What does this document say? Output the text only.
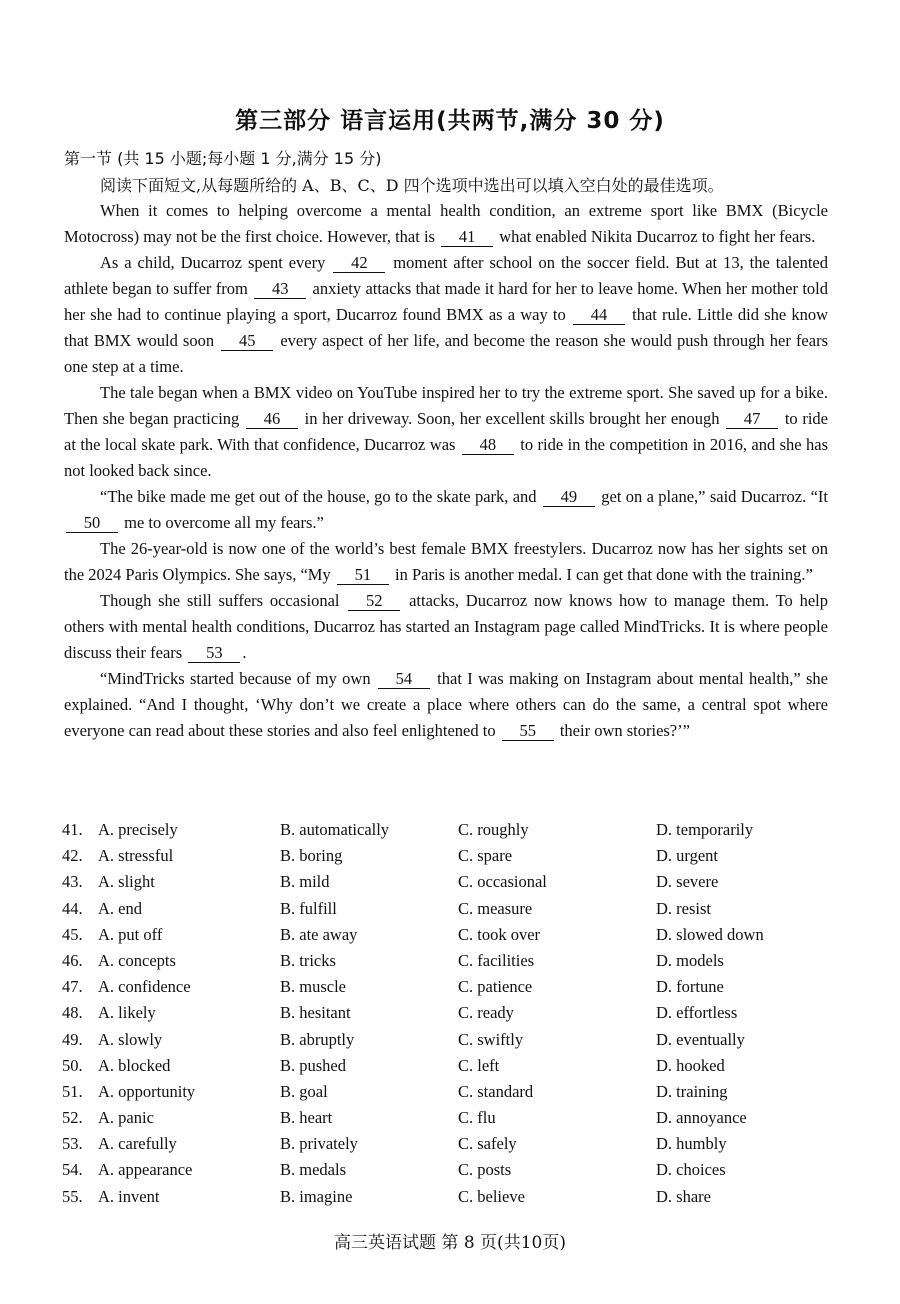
第三部分 语言运用(共两节,满分 30 分)
第一节 (共 15 小题;每小题 1 分,满分 15 分)
阅读下面短文,从每题所给的 A、B、C、D 四个选项中选出可以填入空白处的最佳选项。

When it comes to helping overcome a mental health condition, an extreme sport like BMX (Bicycle Motocross) may not be the first choice. However, that is 41 what enabled Nikita Ducarroz to fight her fears.

As a child, Ducarroz spent every 42 moment after school on the soccer field. But at 13, the talented athlete began to suffer from 43 anxiety attacks that made it hard for her to leave home. When her mother told her she had to continue playing a sport, Ducarroz found BMX as a way to 44 that rule. Little did she know that BMX would soon 45 every aspect of her life, and become the reason she would push through her fears one step at a time.

The tale began when a BMX video on YouTube inspired her to try the extreme sport. She saved up for a bike. Then she began practicing 46 in her driveway. Soon, her excellent skills brought her enough 47 to ride at the local skate park. With that confidence, Ducarroz was 48 to ride in the competition in 2016, and she has not looked back since.

“The bike made me get out of the house, go to the skate park, and 49 get on a plane,” said Ducarroz. “It 50 me to overcome all my fears.”

The 26-year-old is now one of the world’s best female BMX freestylers. Ducarroz now has her sights set on the 2024 Paris Olympics. She says, “My 51 in Paris is another medal. I can get that done with the training.”

Though she still suffers occasional 52 attacks, Ducarroz now knows how to manage them. To help others with mental health conditions, Ducarroz has started an Instagram page called MindTricks. It is where people discuss their fears 53 .

“MindTricks started because of my own 54 that I was making on Instagram about mental health,” she explained. “And I thought, ‘Why don’t we create a place where others can do the same, a central spot where everyone can read about these stories and also feel enlightened to 55 their own stories?’”

41. A. precisely	B. automatically	C. roughly	D. temporarily
42. A. stressful	B. boring	C. spare	D. urgent
43. A. slight	B. mild	C. occasional	D. severe
44. A. end	B. fulfill	C. measure	D. resist
45. A. put off	B. ate away	C. took over	D. slowed down
46. A. concepts	B. tricks	C. facilities	D. models
47. A. confidence	B. muscle	C. patience	D. fortune
48. A. likely	B. hesitant	C. ready	D. effortless
49. A. slowly	B. abruptly	C. swiftly	D. eventually
50. A. blocked	B. pushed	C. left	D. hooked
51. A. opportunity	B. goal	C. standard	D. training
52. A. panic	B. heart	C. flu	D. annoyance
53. A. carefully	B. privately	C. safely	D. humbly
54. A. appearance	B. medals	C. posts	D. choices
55. A. invent	B. imagine	C. believe	D. share
高三英语试题 第 8 页(共10页)
